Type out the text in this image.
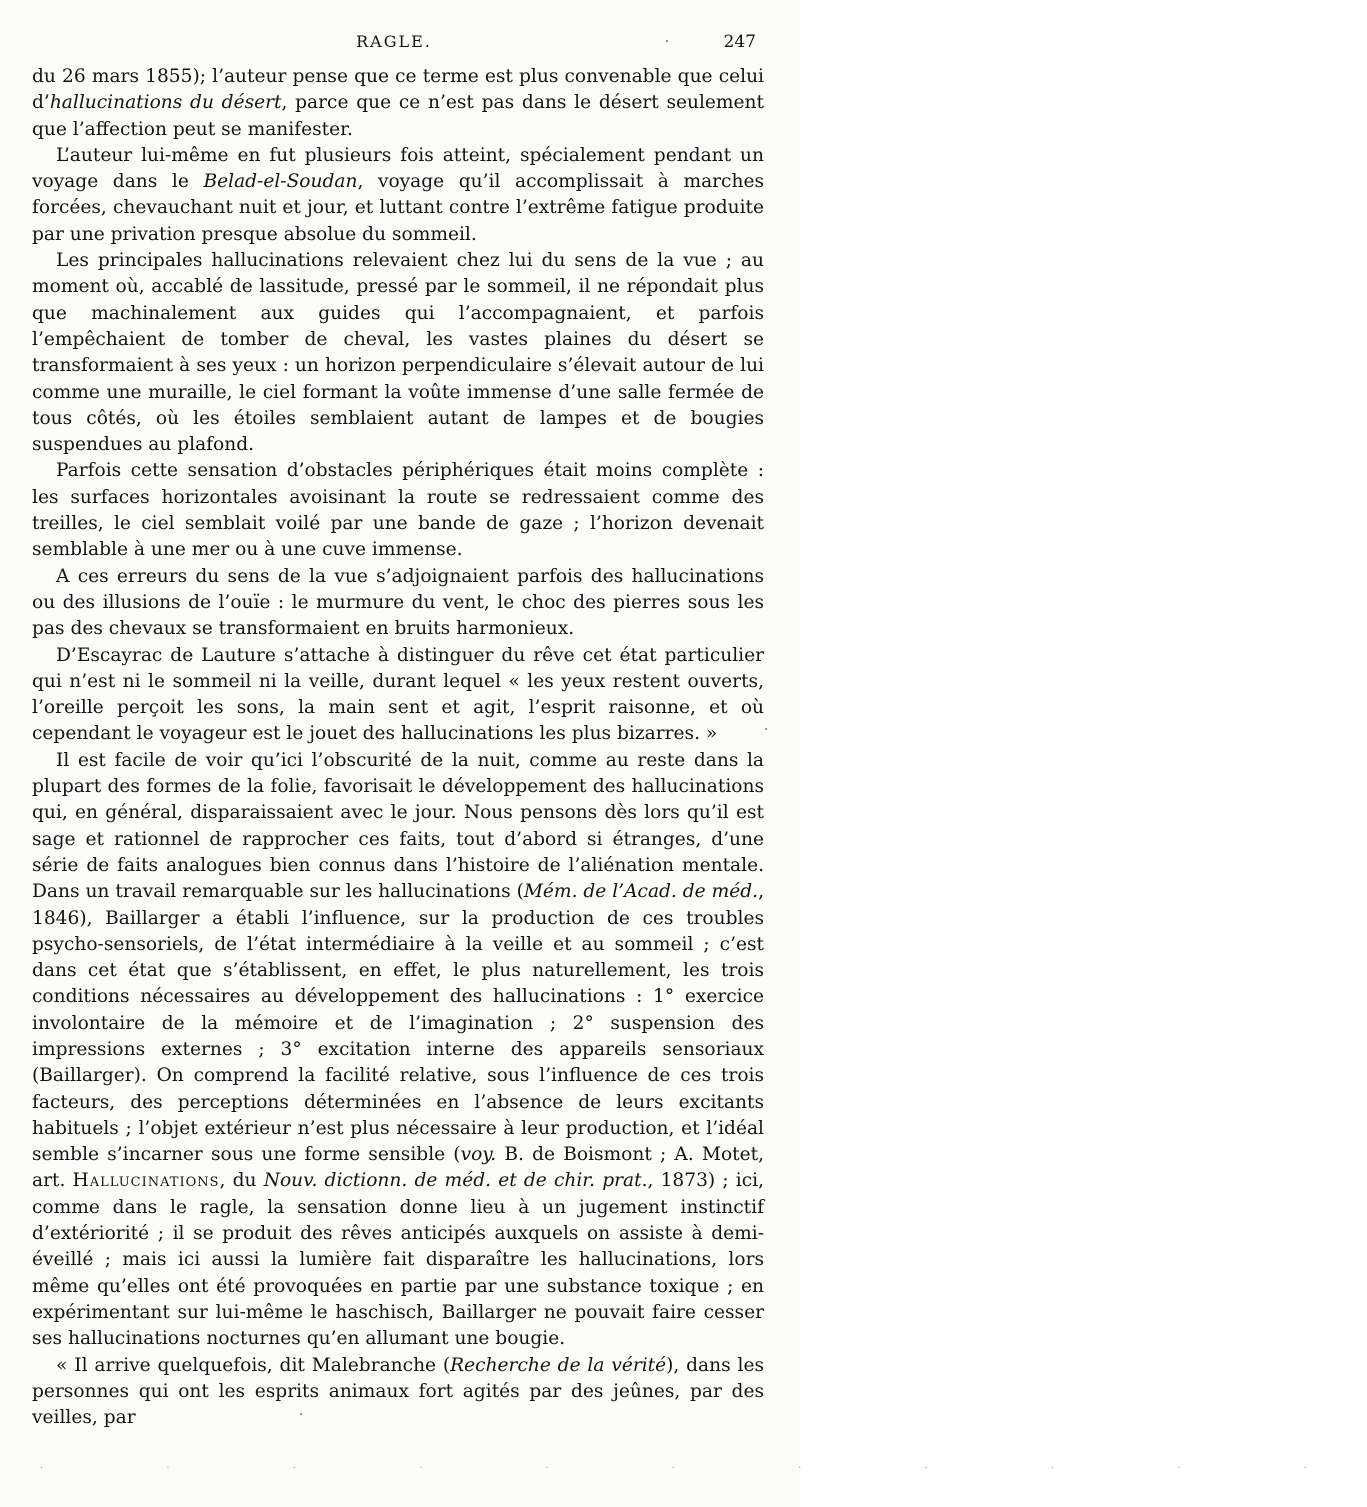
RAGLE.	247

du 26 mars 1855); l’auteur pense que ce terme est plus convenable que celui d’hallucinations du désert, parce que ce n’est pas dans le désert seulement que l’affection peut se manifester.

L’auteur lui-même en fut plusieurs fois atteint, spécialement pendant un voyage dans le Belad-el-Soudan, voyage qu’il accomplissait à marches forcées, chevauchant nuit et jour, et luttant contre l’extrême fatigue produite par une privation presque absolue du sommeil.

Les principales hallucinations relevaient chez lui du sens de la vue ; au moment où, accablé de lassitude, pressé par le sommeil, il ne répondait plus que machinalement aux guides qui l’accompagnaient, et parfois l’empêchaient de tomber de cheval, les vastes plaines du désert se transformaient à ses yeux : un horizon perpendiculaire s’élevait autour de lui comme une muraille, le ciel formant la voûte immense d’une salle fermée de tous côtés, où les étoiles semblaient autant de lampes et de bougies suspendues au plafond.

Parfois cette sensation d’obstacles périphériques était moins complète : les surfaces horizontales avoisinant la route se redressaient comme des treilles, le ciel semblait voilé par une bande de gaze ; l’horizon devenait semblable à une mer ou à une cuve immense.

A ces erreurs du sens de la vue s’adjoignaient parfois des hallucinations ou des illusions de l’ouïe : le murmure du vent, le choc des pierres sous les pas des chevaux se transformaient en bruits harmonieux.

D’Escayrac de Lauture s’attache à distinguer du rêve cet état particulier qui n’est ni le sommeil ni la veille, durant lequel « les yeux restent ouverts, l’oreille perçoit les sons, la main sent et agit, l’esprit raisonne, et où cependant le voyageur est le jouet des hallucinations les plus bizarres. »

Il est facile de voir qu’ici l’obscurité de la nuit, comme au reste dans la plupart des formes de la folie, favorisait le développement des hallucinations qui, en général, disparaissaient avec le jour. Nous pensons dès lors qu’il est sage et rationnel de rapprocher ces faits, tout d’abord si étranges, d’une série de faits analogues bien connus dans l’histoire de l’aliénation mentale. Dans un travail remarquable sur les hallucinations (Mém. de l’Acad. de méd., 1846), Baillarger a établi l’influence, sur la production de ces troubles psycho-sensoriels, de l’état intermédiaire à la veille et au sommeil ; c’est dans cet état que s’établissent, en effet, le plus naturellement, les trois conditions nécessaires au développement des hallucinations : 1° exercice involontaire de la mémoire et de l’imagination ; 2° suspension des impressions externes ; 3° excitation interne des appareils sensoriaux (Baillarger). On comprend la facilité relative, sous l’influence de ces trois facteurs, des perceptions déterminées en l’absence de leurs excitants habituels ; l’objet extérieur n’est plus nécessaire à leur production, et l’idéal semble s’incarner sous une forme sensible (voy. B. de Boismont ; A. Motet, art. Hallucinations, du Nouv. dictionn. de méd. et de chir. prat., 1873) ; ici, comme dans le ragle, la sensation donne lieu à un jugement instinctif d’extériorité ; il se produit des rêves anticipés auxquels on assiste à demi-éveillé ; mais ici aussi la lumière fait disparaître les hallucinations, lors même qu’elles ont été provoquées en partie par une substance toxique ; en expérimentant sur lui-même le haschisch, Baillarger ne pouvait faire cesser ses hallucinations nocturnes qu’en allumant une bougie.

« Il arrive quelquefois, dit Malebranche (Recherche de la vérité), dans les personnes qui ont les esprits animaux fort agités par des jeûnes, par des veilles, par

· · · · · · · · · · ·
